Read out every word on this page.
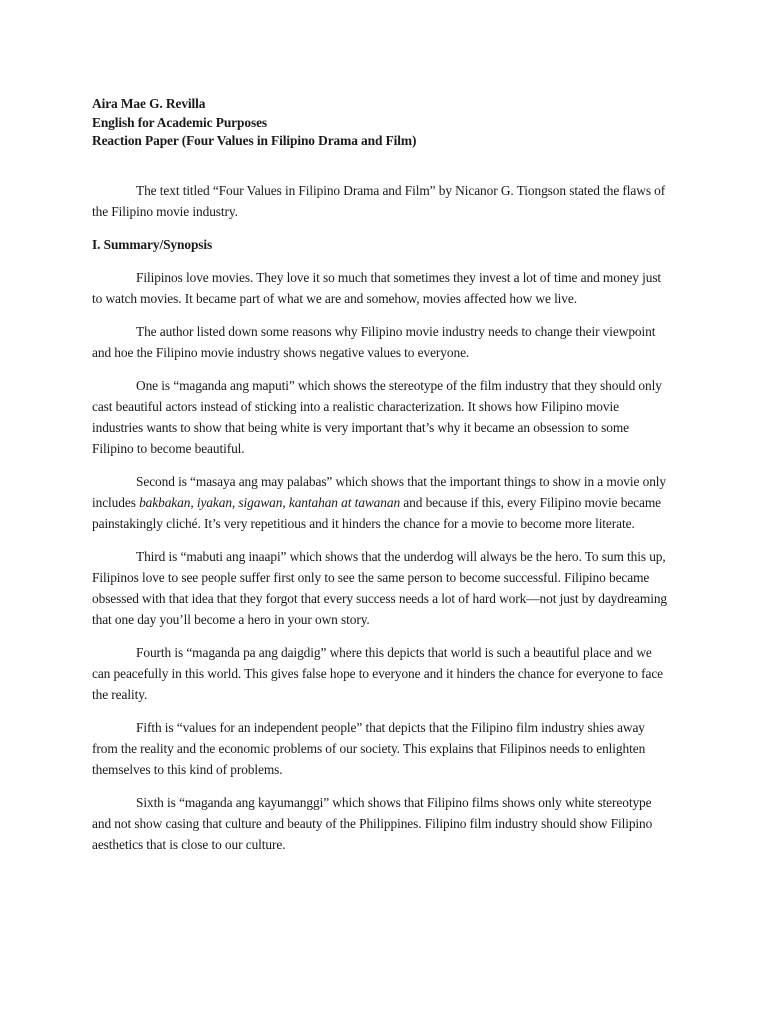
Aira Mae G. Revilla
English for Academic Purposes
Reaction Paper (Four Values in Filipino Drama and Film)

The text titled “Four Values in Filipino Drama and Film” by Nicanor G. Tiongson stated the flaws of the Filipino movie industry.

I. Summary/Synopsis

Filipinos love movies. They love it so much that sometimes they invest a lot of time and money just to watch movies. It became part of what we are and somehow, movies affected how we live.

The author listed down some reasons why Filipino movie industry needs to change their viewpoint and hoe the Filipino movie industry shows negative values to everyone.

One is “maganda ang maputi” which shows the stereotype of the film industry that they should only cast beautiful actors instead of sticking into a realistic characterization. It shows how Filipino movie industries wants to show that being white is very important that’s why it became an obsession to some Filipino to become beautiful.

Second is “masaya ang may palabas” which shows that the important things to show in a movie only includes bakbakan, iyakan, sigawan, kantahan at tawanan and because if this, every Filipino movie became painstakingly cliché. It’s very repetitious and it hinders the chance for a movie to become more literate.

Third is “mabuti ang inaapi” which shows that the underdog will always be the hero. To sum this up, Filipinos love to see people suffer first only to see the same person to become successful. Filipino became obsessed with that idea that they forgot that every success needs a lot of hard work—not just by daydreaming that one day you’ll become a hero in your own story.

Fourth is “maganda pa ang daigdig” where this depicts that world is such a beautiful place and we can peacefully in this world. This gives false hope to everyone and it hinders the chance for everyone to face the reality.

Fifth is “values for an independent people” that depicts that the Filipino film industry shies away from the reality and the economic problems of our society. This explains that Filipinos needs to enlighten themselves to this kind of problems.

Sixth is “maganda ang kayumanggi” which shows that Filipino films shows only white stereotype and not show casing that culture and beauty of the Philippines. Filipino film industry should show Filipino aesthetics that is close to our culture.
